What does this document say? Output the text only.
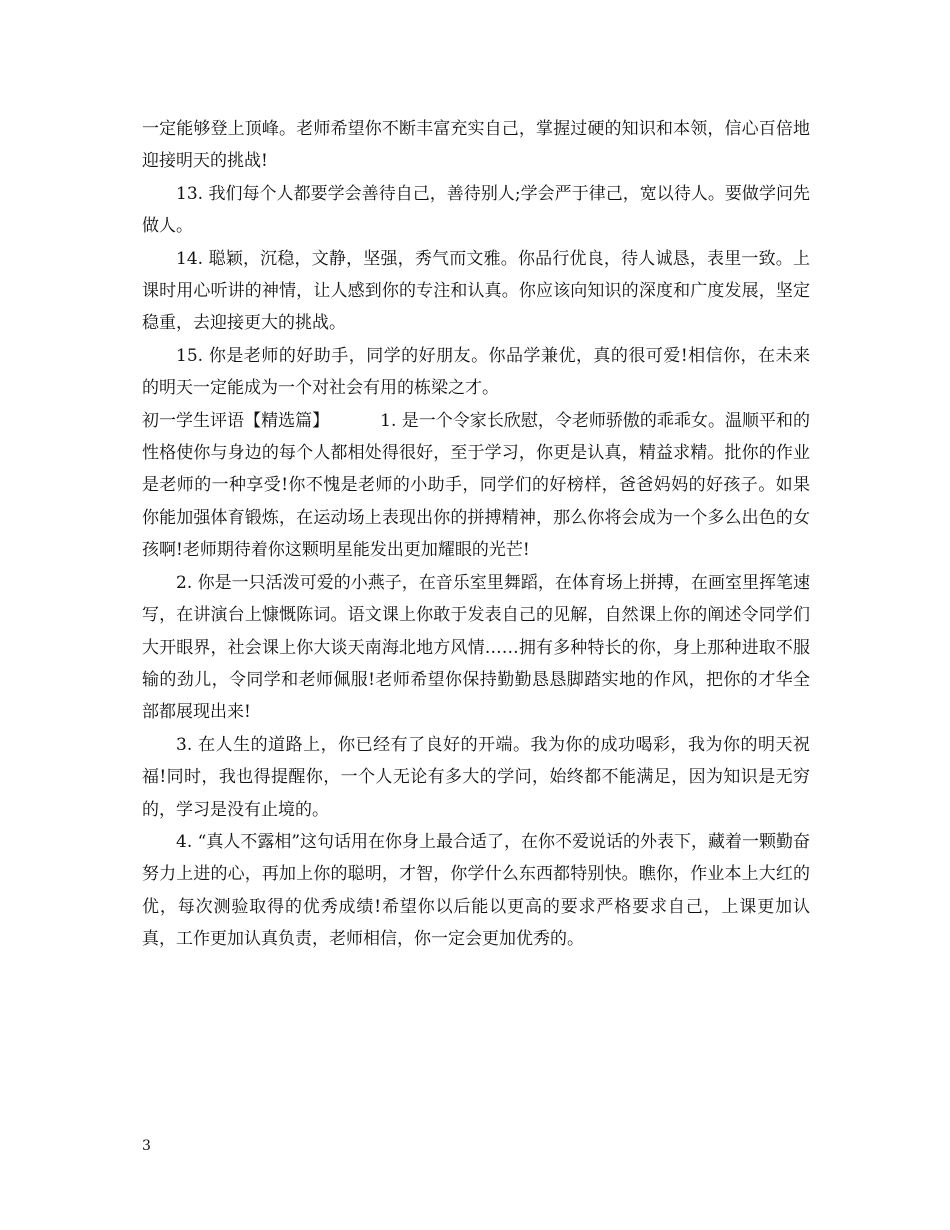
一定能够登上顶峰。老师希望你不断丰富充实自己，掌握过硬的知识和本领，信心百倍地迎接明天的挑战!

13. 我们每个人都要学会善待自己，善待别人;学会严于律己，宽以待人。要做学问先做人。

14. 聪颖，沉稳，文静，坚强，秀气而文雅。你品行优良，待人诚恳，表里一致。上课时用心听讲的神情，让人感到你的专注和认真。你应该向知识的深度和广度发展，坚定稳重，去迎接更大的挑战。

15. 你是老师的好助手，同学的好朋友。你品学兼优，真的很可爱!相信你，在未来的明天一定能成为一个对社会有用的栋梁之才。

初一学生评语【精选篇】   	1. 是一个令家长欣慰，令老师骄傲的乖乖女。温顺平和的性格使你与身边的每个人都相处得很好，至于学习，你更是认真，精益求精。批你的作业是老师的一种享受!你不愧是老师的小助手，同学们的好榜样，爸爸妈妈的好孩子。如果你能加强体育锻炼，在运动场上表现出你的拼搏精神，那么你将会成为一个多么出色的女孩啊!老师期待着你这颗明星能发出更加耀眼的光芒!

2. 你是一只活泼可爱的小燕子，在音乐室里舞蹈，在体育场上拼搏，在画室里挥笔速写，在讲演台上慷慨陈词。语文课上你敢于发表自己的见解，自然课上你的阐述令同学们大开眼界，社会课上你大谈天南海北地方风情……拥有多种特长的你，身上那种进取不服输的劲儿，令同学和老师佩服!老师希望你保持勤勤恳恳脚踏实地的作风，把你的才华全部都展现出来!

3. 在人生的道路上，你已经有了良好的开端。我为你的成功喝彩，我为你的明天祝福!同时，我也得提醒你，一个人无论有多大的学问，始终都不能满足，因为知识是无穷的，学习是没有止境的。

4. “真人不露相”这句话用在你身上最合适了，在你不爱说话的外表下，藏着一颗勤奋努力上进的心，再加上你的聪明，才智，你学什么东西都特别快。瞧你，作业本上大红的优，每次测验取得的优秀成绩!希望你以后能以更高的要求严格要求自己，上课更加认真，工作更加认真负责，老师相信，你一定会更加优秀的。

3
